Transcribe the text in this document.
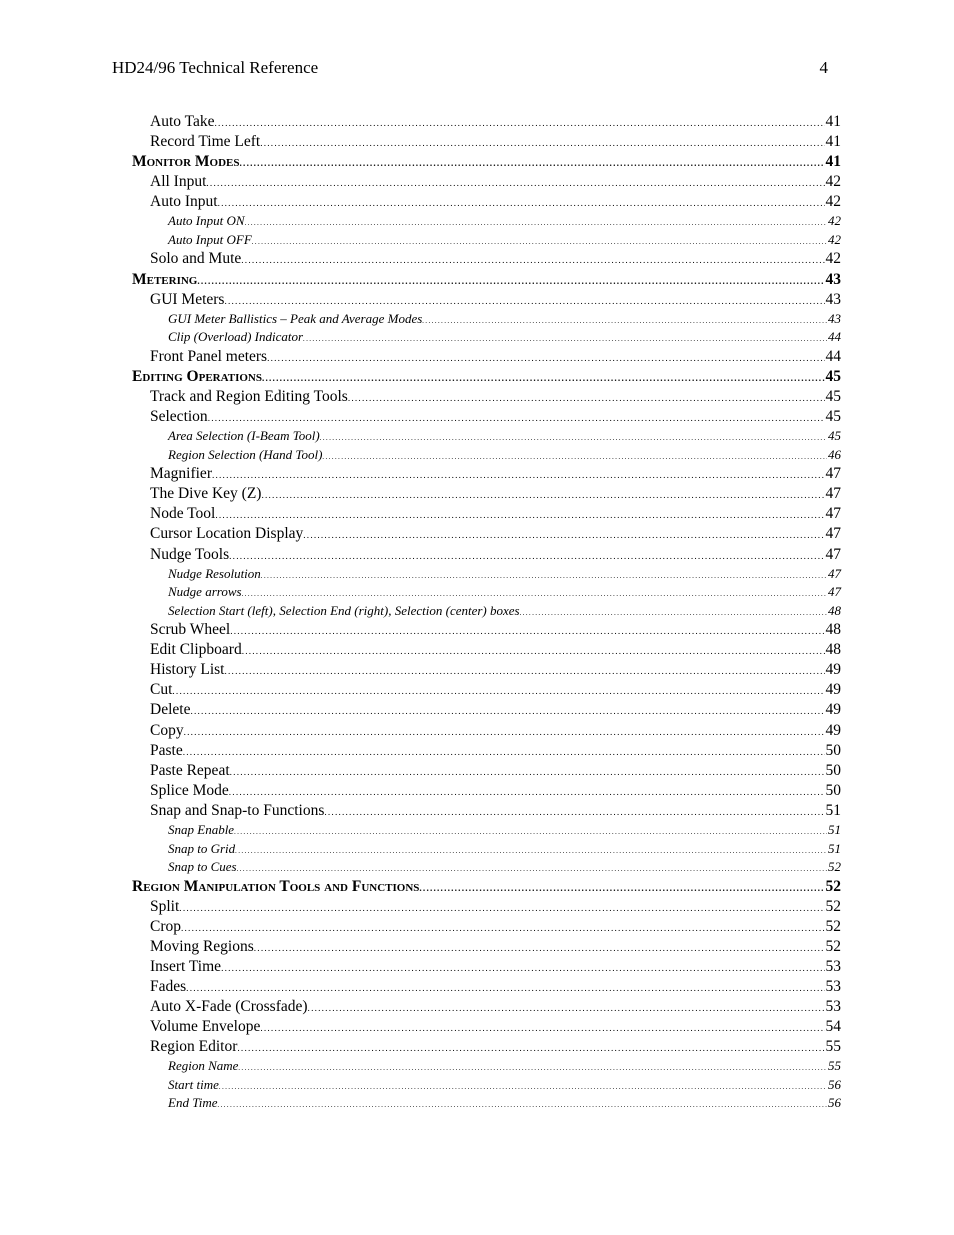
HD24/96 Technical Reference	4
Auto Take .....	41
Record Time Left .....	41
Monitor Modes .....	41
All Input .....	42
Auto Input .....	42
Auto Input ON .....	42
Auto Input OFF .....	42
Solo and Mute .....	42
Metering .....	43
GUI Meters .....	43
GUI Meter Ballistics – Peak and Average Modes .....	43
Clip (Overload) Indicator .....	44
Front Panel meters .....	44
Editing Operations .....	45
Track and Region Editing Tools .....	45
Selection .....	45
Area Selection (I-Beam Tool) .....	45
Region Selection (Hand Tool) .....	46
Magnifier .....	47
The Dive Key (Z) .....	47
Node Tool .....	47
Cursor Location Display .....	47
Nudge Tools .....	47
Nudge Resolution .....	47
Nudge arrows .....	47
Selection Start (left), Selection End (right), Selection (center) boxes .....	48
Scrub Wheel .....	48
Edit Clipboard .....	48
History List .....	49
Cut .....	49
Delete .....	49
Copy .....	49
Paste .....	50
Paste Repeat .....	50
Splice Mode .....	50
Snap and Snap-to Functions .....	51
Snap Enable .....	51
Snap to Grid .....	51
Snap to Cues .....	52
Region Manipulation Tools and Functions .....	52
Split .....	52
Crop .....	52
Moving Regions .....	52
Insert Time .....	53
Fades .....	53
Auto X-Fade (Crossfade) .....	53
Volume Envelope .....	54
Region Editor .....	55
Region Name .....	55
Start time .....	56
End Time .....	56
